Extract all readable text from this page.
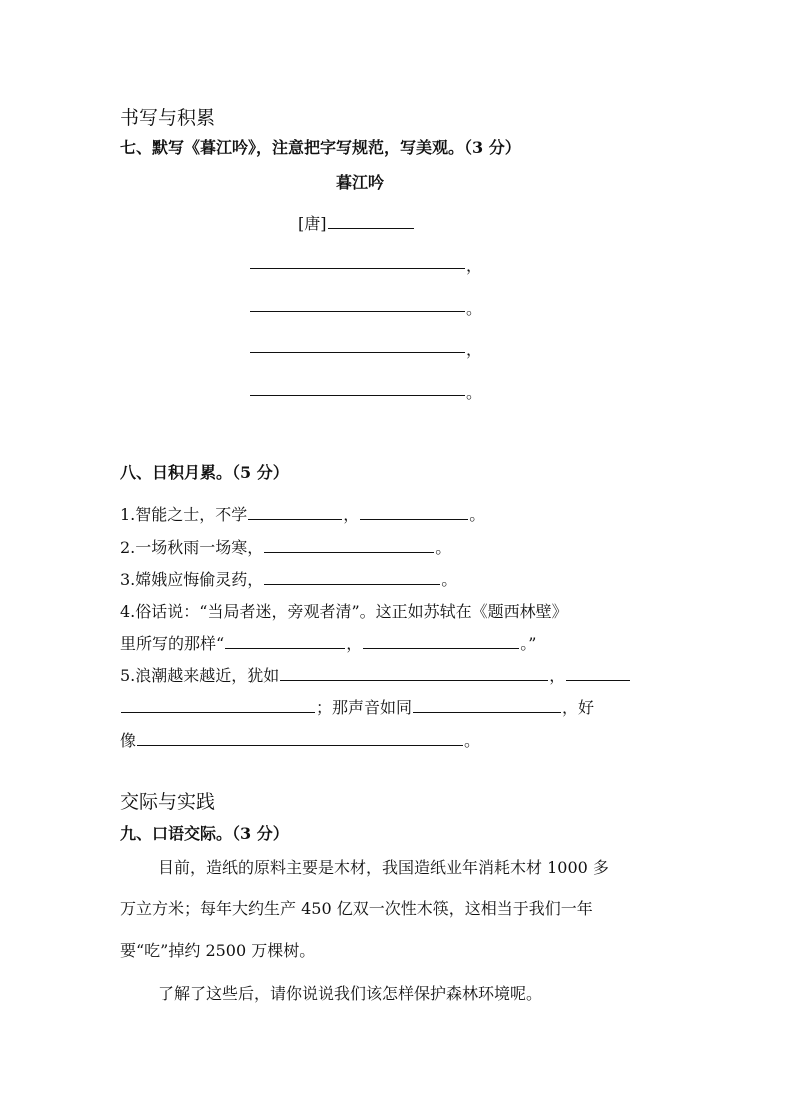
书写与积累
七、默写《暮江吟》，注意把字写规范，写美观。（3 分）
暮江吟
[唐]
，
。
，
。
八、日积月累。（5 分）
1.智能之士，不学	，	。
2.一场秋雨一场寒，	。
3.嫦娥应悔偷灵药，	。
4.俗话说：“当局者迷，旁观者清”。这正如苏轼在《题西林壁》
里所写的那样“	，	。”
5.浪潮越来越近，犹如	，
；那声音如同	，好
像	。
交际与实践
九、口语交际。（3 分）
目前，造纸的原料主要是木材，我国造纸业年消耗木材 1000 多
万立方米；每年大约生产 450 亿双一次性木筷，这相当于我们一年
要“吃”掉约 2500 万棵树。
了解了这些后，请你说说我们该怎样保护森林环境呢。
